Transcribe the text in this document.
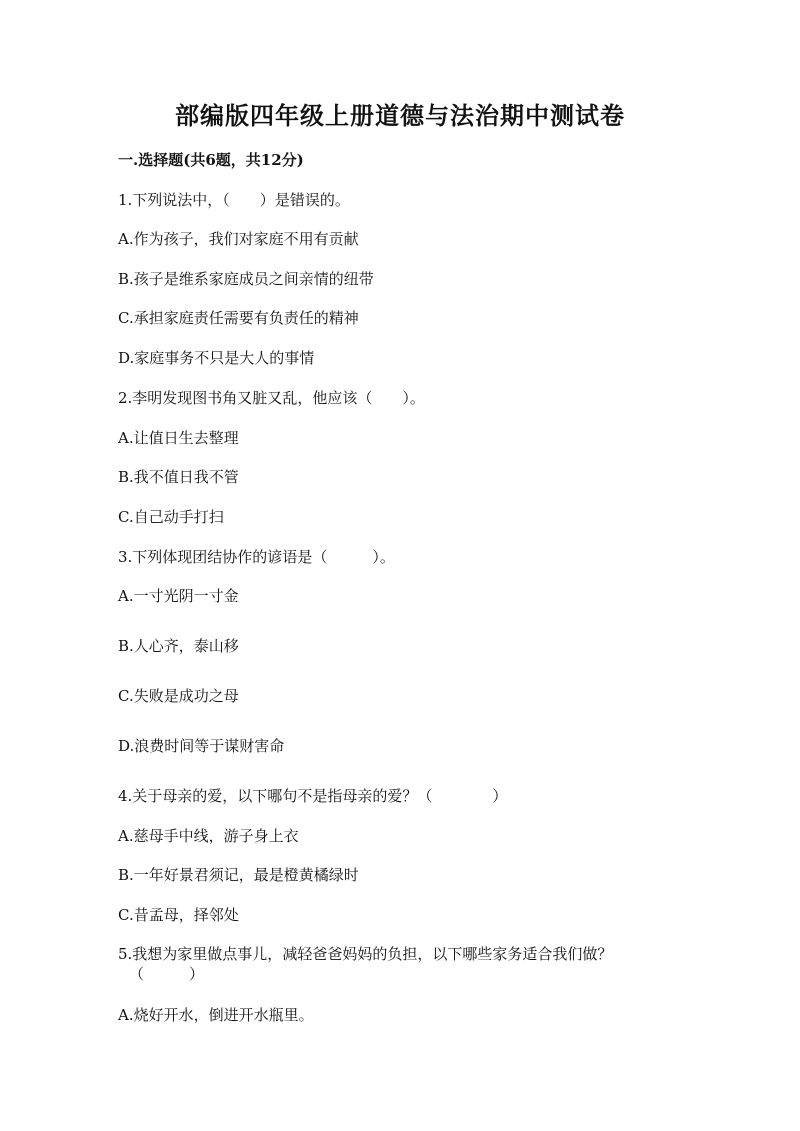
部编版四年级上册道德与法治期中测试卷

一.选择题(共6题，共12分)

1.下列说法中，（　　）是错误的。

A.作为孩子，我们对家庭不用有贡献

B.孩子是维系家庭成员之间亲情的纽带

C.承担家庭责任需要有负责任的精神

D.家庭事务不只是大人的事情

2.李明发现图书角又脏又乱，他应该（　　）。

A.让值日生去整理

B.我不值日我不管

C.自己动手打扫

3.下列体现团结协作的谚语是（　　　）。

A.一寸光阴一寸金

B.人心齐，泰山移

C.失败是成功之母

D.浪费时间等于谋财害命

4.关于母亲的爱，以下哪句不是指母亲的爱？（　　　　）

A.慈母手中线，游子身上衣

B.一年好景君须记，最是橙黄橘绿时

C.昔孟母，择邻处

5.我想为家里做点事儿，减轻爸爸妈妈的负担，以下哪些家务适合我们做？

（　　　）

A.烧好开水，倒进开水瓶里。
